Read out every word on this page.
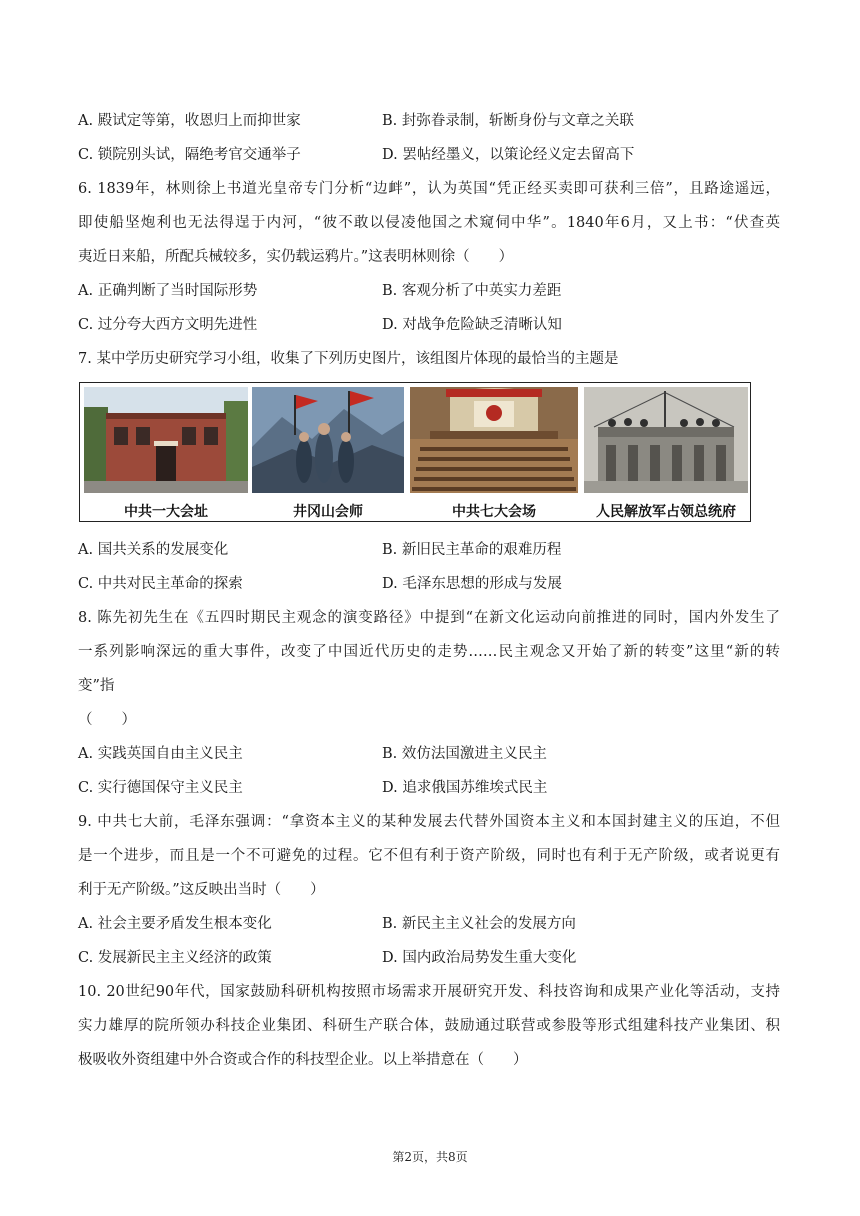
A. 殿试定等第，收恩归上而抑世家	B. 封弥眷录制，斩断身份与文章之关联
C. 锁院别头试，隔绝考官交通举子	D. 罢帖经墨义，以策论经义定去留高下
6. 1839年，林则徐上书道光皇帝专门分析“边衅”，认为英国“凭正经买卖即可获利三倍”，且路途遥远，
即使船坚炮利也无法得逞于内河，“彼不敢以侵凌他国之术窥伺中华”。1840年6月，又上书：“伏查英
夷近日来船，所配兵械较多，实仍载运鸦片。”这表明林则徐（　　）
A. 正确判断了当时国际形势	B. 客观分析了中英实力差距
C. 过分夸大西方文明先进性	D. 对战争危险缺乏清晰认知
7. 某中学历史研究学习小组，收集了下列历史图片，该组图片体现的最恰当的主题是
中共一大会址	井冈山会师	中共七大会场	人民解放军占领总统府
A. 国共关系的发展变化	B. 新旧民主革命的艰难历程
C. 中共对民主革命的探索	D. 毛泽东思想的形成与发展
8. 陈先初先生在《五四时期民主观念的演变路径》中提到“在新文化运动向前推进的同时，国内外发生了
一系列影响深远的重大事件，改变了中国近代历史的走势……民主观念又开始了新的转变”这里“新的转
变”指
（　　）
A. 实践英国自由主义民主	B. 效仿法国激进主义民主
C. 实行德国保守主义民主	D. 追求俄国苏维埃式民主
9. 中共七大前，毛泽东强调：“拿资本主义的某种发展去代替外国资本主义和本国封建主义的压迫，不但
是一个进步，而且是一个不可避免的过程。它不但有利于资产阶级，同时也有利于无产阶级，或者说更有
利于无产阶级。”这反映出当时（　　）
A. 社会主要矛盾发生根本变化	B. 新民主主义社会的发展方向
C. 发展新民主主义经济的政策	D. 国内政治局势发生重大变化
10. 20世纪90年代，国家鼓励科研机构按照市场需求开展研究开发、科技咨询和成果产业化等活动，支持
实力雄厚的院所领办科技企业集团、科研生产联合体，鼓励通过联营或参股等形式组建科技产业集团、积
极吸收外资组建中外合资或合作的科技型企业。以上举措意在（　　）
第2页，共8页
